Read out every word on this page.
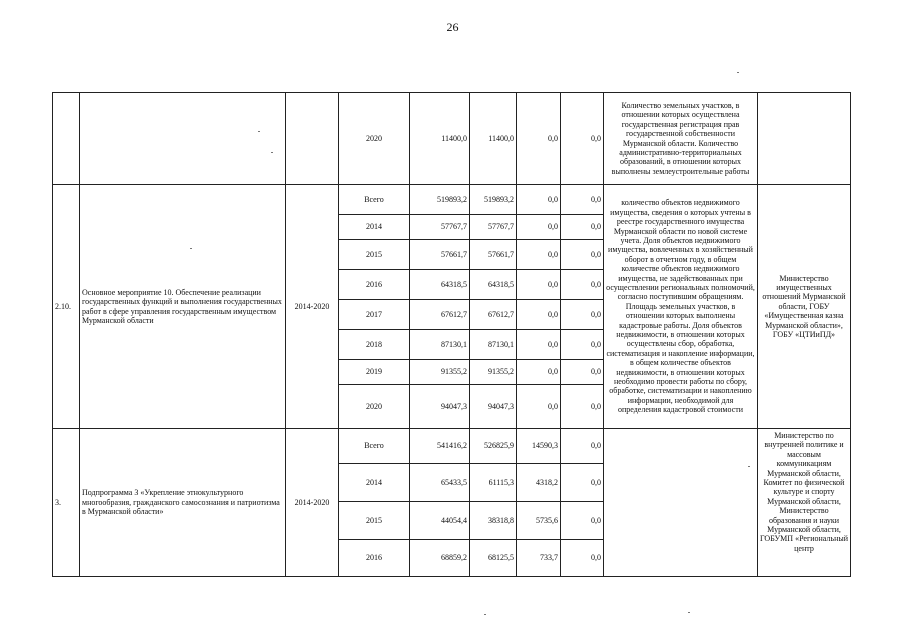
26
			2020	11400,0	11400,0	0,0	0,0	Количество земельных участков, в отношении которых осуществлена государственная регистрация прав государственной собственности Мурманской области. Количество административно-территориальных образований, в отношении которых выполнены землеустроительные работы	
2.10.	Основное мероприятие 10. Обеспечение реализации государственных функций и выполнения государственных работ в сфере управления государственным имуществом Мурманской области	2014-2020	Всего	519893,2	519893,2	0,0	0,0	количество объектов недвижимого имущества, сведения о которых учтены в реестре государственного имущества Мурманской области по новой системе учета. Доля объектов недвижимого имущества, вовлеченных в хозяйственный оборот в отчетном году, в общем количестве объектов недвижимого имущества, не задействованных при осуществлении региональных полномочий, согласно поступившим обращениям. Площадь земельных участков, в отношении которых выполнены кадастровые работы. Доля объектов недвижимости, в отношении которых осуществлены сбор, обработка, систематизация и накопление информации, в общем количестве объектов недвижимости, в отношении которых необходимо провести работы по сбору, обработке, систематизации и накоплению информации, необходимой для определения кадастровой стоимости	Министерство имущественных отношений Мурманской области, ГОБУ «Имущественная казна Мурманской области», ГОБУ «ЦТИиПД»
			2014	57767,7	57767,7	0,0	0,0		
			2015	57661,7	57661,7	0,0	0,0		
			2016	64318,5	64318,5	0,0	0,0		
			2017	67612,7	67612,7	0,0	0,0		
			2018	87130,1	87130,1	0,0	0,0		
			2019	91355,2	91355,2	0,0	0,0		
			2020	94047,3	94047,3	0,0	0,0		
3.	Подпрограмма 3 «Укрепление этнокультурного многообразия, гражданского самосознания и патриотизма в Мурманской области»	2014-2020	Всего	541416,2	526825,9	14590,3	0,0		Министерство по внутренней политике и массовым коммуникациям Мурманской области, Комитет по физической культуре и спорту Мурманской области, Министерство образования и науки Мурманской области, ГОБУМП «Региональный центр
			2014	65433,5	61115,3	4318,2	0,0		
			2015	44054,4	38318,8	5735,6	0,0		
			2016	68859,2	68125,5	733,7	0,0		
